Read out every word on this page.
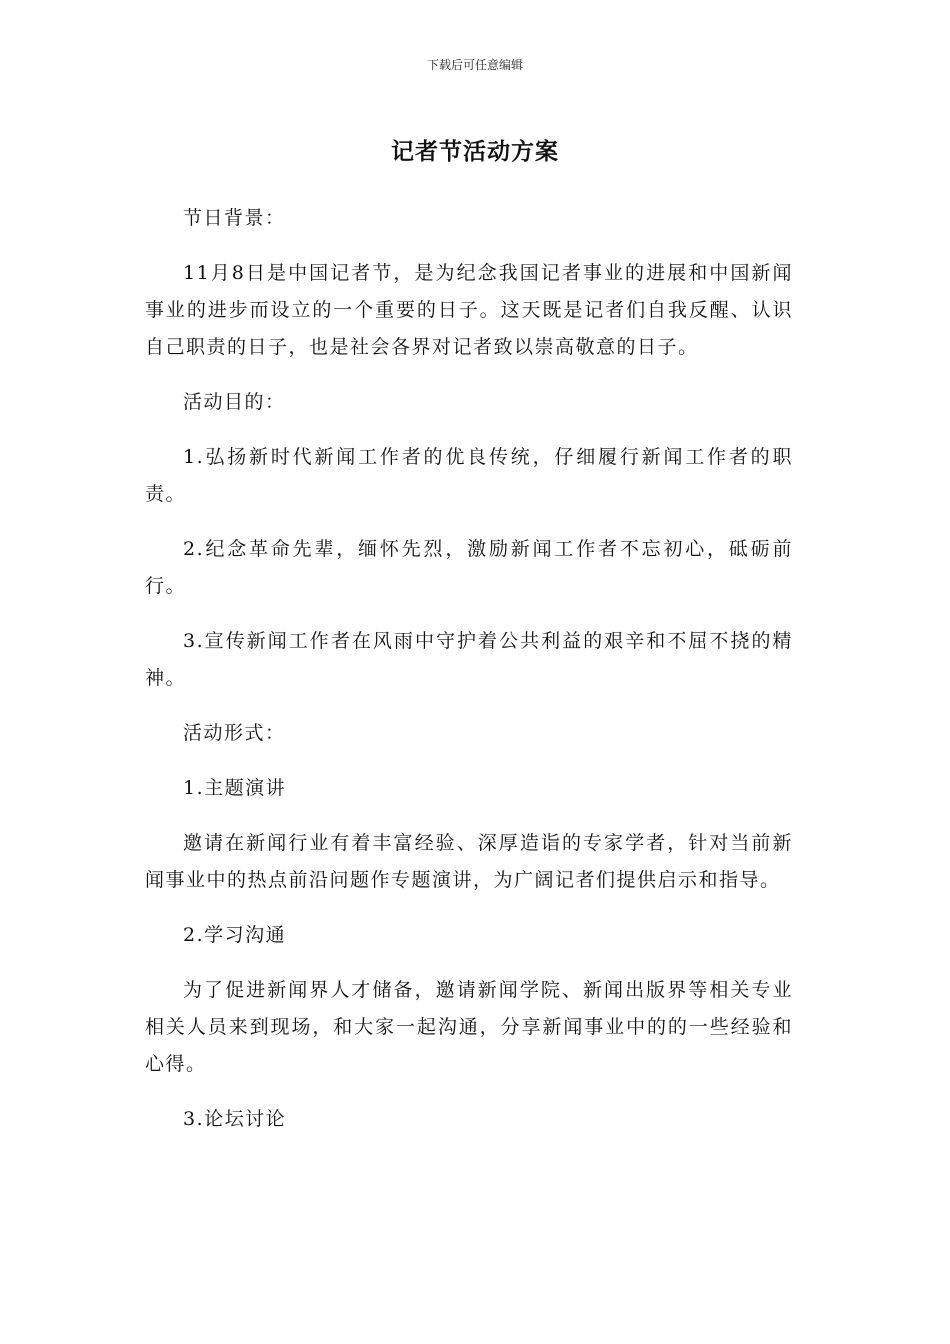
下载后可任意编辑
记者节活动方案

节日背景：

11月8日是中国记者节，是为纪念我国记者事业的进展和中国新闻事业的进步而设立的一个重要的日子。这天既是记者们自我反醒、认识自己职责的日子，也是社会各界对记者致以崇高敬意的日子。

活动目的：

1.弘扬新时代新闻工作者的优良传统，仔细履行新闻工作者的职责。

2.纪念革命先辈，缅怀先烈，激励新闻工作者不忘初心，砥砺前行。

3.宣传新闻工作者在风雨中守护着公共利益的艰辛和不屈不挠的精神。

活动形式：

1.主题演讲

邀请在新闻行业有着丰富经验、深厚造诣的专家学者，针对当前新闻事业中的热点前沿问题作专题演讲，为广阔记者们提供启示和指导。

2.学习沟通

为了促进新闻界人才储备，邀请新闻学院、新闻出版界等相关专业相关人员来到现场，和大家一起沟通，分享新闻事业中的的一些经验和心得。

3.论坛讨论
